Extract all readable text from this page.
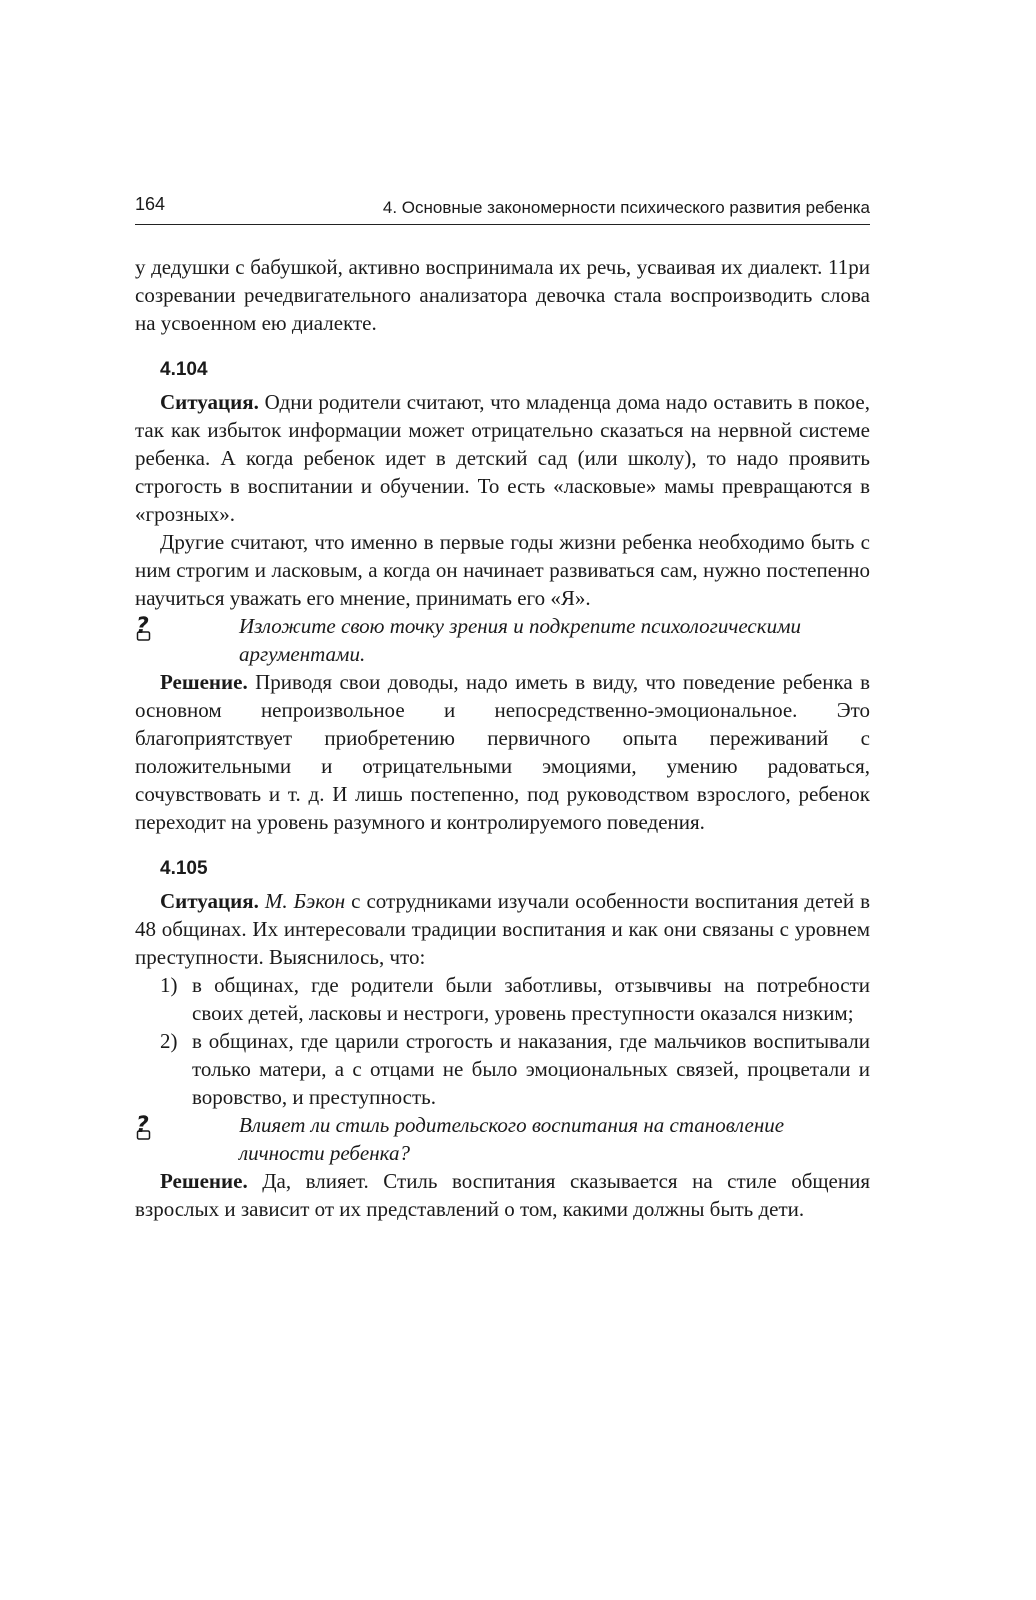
164	4. Основные закономерности психического развития ребенка

у дедушки с бабушкой, активно воспринимала их речь, усваивая их диалект. 11ри созревании речедвигательного анализатора девочка стала воспроизводить слова на усвоенном ею диалекте.

4.104

Ситуация. Одни родители считают, что младенца дома надо оставить в покое, так как избыток информации может отрицательно сказаться на нервной системе ребенка. А когда ребенок идет в детский сад (или школу), то надо проявить строгость в воспитании и обучении. То есть «ласковые» мамы превращаются в «грозных».

Другие считают, что именно в первые годы жизни ребенка необходимо быть с ним строгим и ласковым, а когда он начинает развиваться сам, нужно постепенно научиться уважать его мнение, принимать его «Я».

?	Изложите свою точку зрения и подкрепите психологическими аргументами.

Решение. Приводя свои доводы, надо иметь в виду, что поведение ребенка в основном непроизвольное и непосредственно-эмоциональное. Это благоприятствует приобретению первичного опыта переживаний с положительными и отрицательными эмоциями, умению радоваться, сочувствовать и т. д. И лишь постепенно, под руководством взрослого, ребенок переходит на уровень разумного и контролируемого поведения.

4.105

Ситуация. М. Бэкон с сотрудниками изучали особенности воспитания детей в 48 общинах. Их интересовали традиции воспитания и как они связаны с уровнем преступности. Выяснилось, что:

1) в общинах, где родители были заботливы, отзывчивы на потребности своих детей, ласковы и нестроги, уровень преступности оказался низким;
2) в общинах, где царили строгость и наказания, где мальчиков воспитывали только матери, а с отцами не было эмоциональных связей, процветали и воровство, и преступность.
?	Влияет ли стиль родительского воспитания на становление личности ребенка?

Решение. Да, влияет. Стиль воспитания сказывается на стиле общения взрослых и зависит от их представлений о том, какими должны быть дети.
